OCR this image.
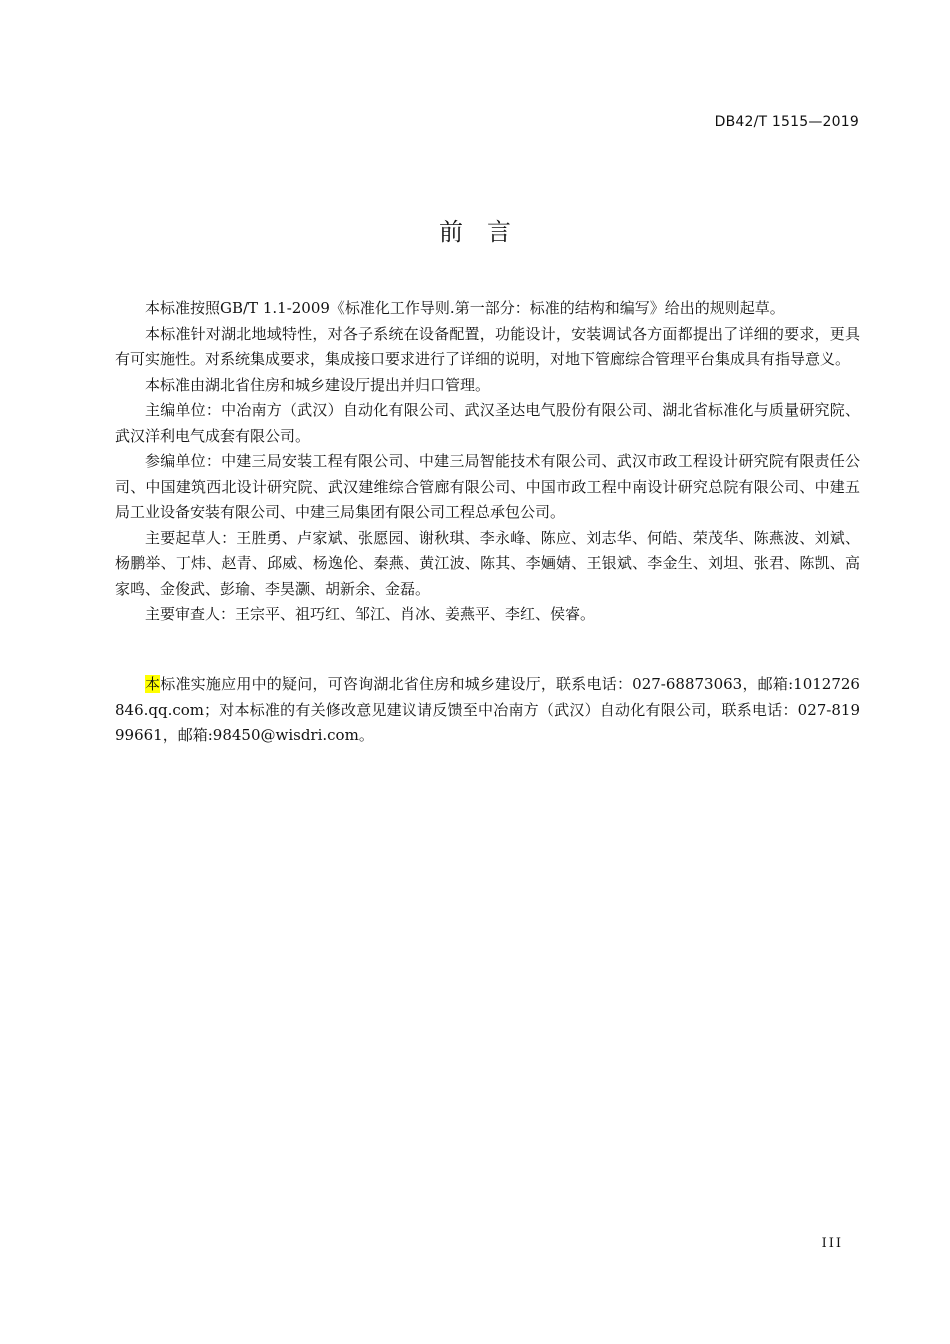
DB42/T 1515—2019
前言

本标准按照GB/T 1.1-2009《标准化工作导则.第一部分：标准的结构和编写》给出的规则起草。

本标准针对湖北地域特性，对各子系统在设备配置，功能设计，安装调试各方面都提出了详细的要求，更具有可实施性。对系统集成要求，集成接口要求进行了详细的说明，对地下管廊综合管理平台集成具有指导意义。

本标准由湖北省住房和城乡建设厅提出并归口管理。

主编单位：中冶南方（武汉）自动化有限公司、武汉圣达电气股份有限公司、湖北省标准化与质量研究院、武汉洋利电气成套有限公司。

参编单位：中建三局安装工程有限公司、中建三局智能技术有限公司、武汉市政工程设计研究院有限责任公司、中国建筑西北设计研究院、武汉建维综合管廊有限公司、中国市政工程中南设计研究总院有限公司、中建五局工业设备安装有限公司、中建三局集团有限公司工程总承包公司。

主要起草人：王胜勇、卢家斌、张愿园、谢秋琪、李永峰、陈应、刘志华、何皓、荣茂华、陈燕波、刘斌、杨鹏举、丁炜、赵青、邱威、杨逸伦、秦燕、黄江波、陈其、李婳婧、王银斌、李金生、刘坦、张君、陈凯、高家鸣、金俊武、彭瑜、李昊灏、胡新余、金磊。

主要审查人：王宗平、祖巧红、邹江、肖冰、姜燕平、李红、侯睿。

本标准实施应用中的疑问，可咨询湖北省住房和城乡建设厅，联系电话：027-68873063，邮箱:1012726846.qq.com；对本标准的有关修改意见建议请反馈至中冶南方（武汉）自动化有限公司，联系电话：027-81999661，邮箱:98450@wisdri.com。

III
